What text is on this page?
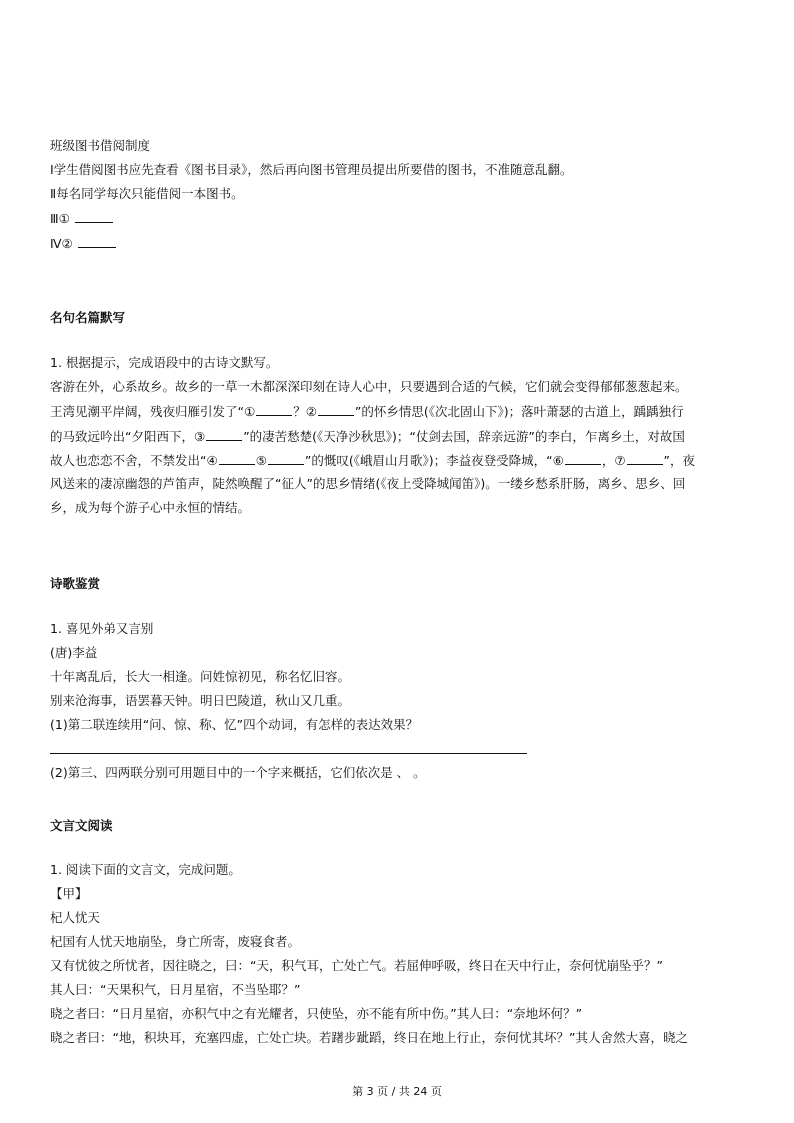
班级图书借阅制度
Ⅰ学生借阅图书应先查看《图书目录》，然后再向图书管理员提出所要借的图书，不准随意乱翻。
Ⅱ每名同学每次只能借阅一本图书。
Ⅲ①
Ⅳ②
名句名篇默写
1. 根据提示，完成语段中的古诗文默写。
客游在外，心系故乡。故乡的一草一木都深深印刻在诗人心中，只要遇到合适的气候，它们就会变得郁郁葱葱起来。
王湾见潮平岸阔，残夜归雁引发了“①	？②	”的怀乡情思(《次北固山下》)；落叶萧瑟的古道上，踽踽独行
的马致远吟出“夕阳西下，③	”的凄苦愁楚(《天净沙秋思》)；“仗剑去国，辞亲远游”的李白，乍离乡土，对故国
故人也恋恋不舍，不禁发出“④	⑤	”的慨叹(《峨眉山月歌》)；李益夜登受降城，“⑥	，⑦	”，夜
风送来的凄凉幽怨的芦笛声，陡然唤醒了“征人”的思乡情绪(《夜上受降城闻笛》)。一缕乡愁系肝肠，离乡、思乡、回
乡，成为每个游子心中永恒的情结。
诗歌鉴赏
1. 喜见外弟又言别
(唐)李益
十年离乱后，长大一相逢。问姓惊初见，称名忆旧容。
别来沧海事，语罢暮天钟。明日巴陵道，秋山又几重。
(1)第二联连续用“问、惊、称、忆”四个动词，有怎样的表达效果？
(2)第三、四两联分别可用题目中的一个字来概括，它们依次是 、 。
文言文阅读
1. 阅读下面的文言文，完成问题。
【甲】
杞人忧天
杞国有人忧天地崩坠，身亡所寄，废寝食者。
又有忧彼之所忧者，因往晓之，曰：“天，积气耳，亡处亡气。若屈伸呼吸，终日在天中行止，奈何忧崩坠乎？”
其人曰：“天果积气，日月星宿，不当坠耶？”
晓之者曰：“日月星宿，亦积气中之有光耀者，只使坠，亦不能有所中伤。”其人曰：“奈地坏何？”
晓之者曰：“地，积块耳，充塞四虚，亡处亡块。若躇步跐蹈，终日在地上行止，奈何忧其坏？”其人舍然大喜，晓之
第 3 页 / 共 24 页
